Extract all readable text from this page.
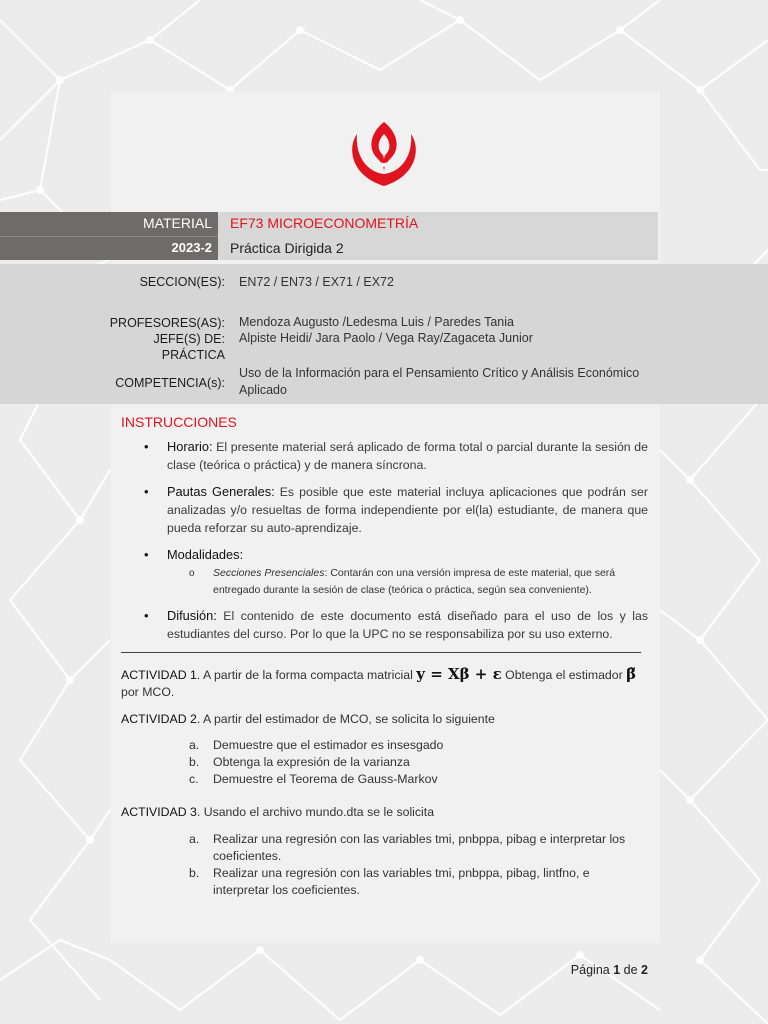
MATERIAL
2023-2
EF73 MICROECONOMETRÍA
Práctica Dirigida 2
SECCION(ES): EN72 / EN73 / EX71 / EX72
PROFESORES(AS): Mendoza Augusto /Ledesma Luis / Paredes Tania
JEFE(S) DE: Alpiste Heidi/ Jara Paolo / Vega Ray/Zagaceta Junior
PRÁCTICA
COMPETENCIA(s):
Uso de la Información para el Pensamiento Crítico y Análisis Económico
Aplicado
INSTRUCCIONES
• Horario: El presente material será aplicado de forma total o parcial durante la sesión de clase (teórica o práctica) y de manera síncrona.
• Pautas Generales: Es posible que este material incluya aplicaciones que podrán ser analizadas y/o resueltas de forma independiente por el(la) estudiante, de manera que pueda reforzar su auto-aprendizaje.
• Modalidades:
o Secciones Presenciales: Contarán con una versión impresa de este material, que será entregado durante la sesión de clase (teórica o práctica, según sea conveniente).
• Difusión: El contenido de este documento está diseñado para el uso de los y las estudiantes del curso. Por lo que la UPC no se responsabiliza por su uso externo.
ACTIVIDAD 1. A partir de la forma compacta matricial y = Xβ + ε Obtenga el estimador β̃
por MCO.
ACTIVIDAD 2. A partir del estimador de MCO, se solicita lo siguiente
a. Demuestre que el estimador es insesgado
b. Obtenga la expresión de la varianza
c. Demuestre el Teorema de Gauss-Markov
ACTIVIDAD 3. Usando el archivo mundo.dta se le solicita
a. Realizar una regresión con las variables tmi, pnbppa, pibag e interpretar los
coeficientes.
b. Realizar una regresión con las variables tmi, pnbppa, pibag, lintfno, e
interpretar los coeficientes.
Página 1 de 2
